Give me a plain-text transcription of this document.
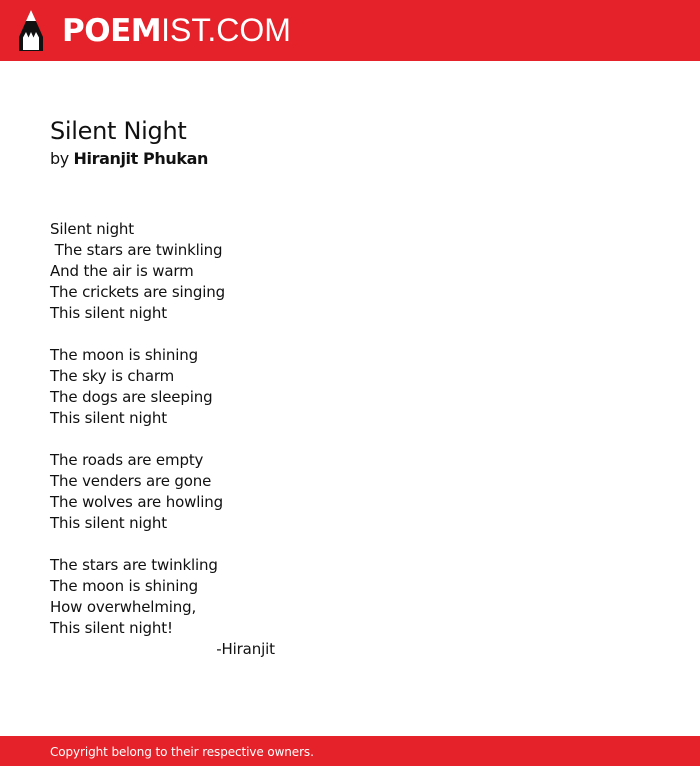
POEMIST.COM
Silent Night
by Hiranjit Phukan
Silent night
The stars are twinkling
And the air is warm
The crickets are singing
This silent night

The moon is shining
The sky is charm
The dogs are sleeping
This silent night

The roads are empty
The venders are gone
The wolves are howling
This silent night

The stars are twinkling
The moon is shining
How overwhelming,
This silent night!
-Hiranjit
Copyright belong to their respective owners.
